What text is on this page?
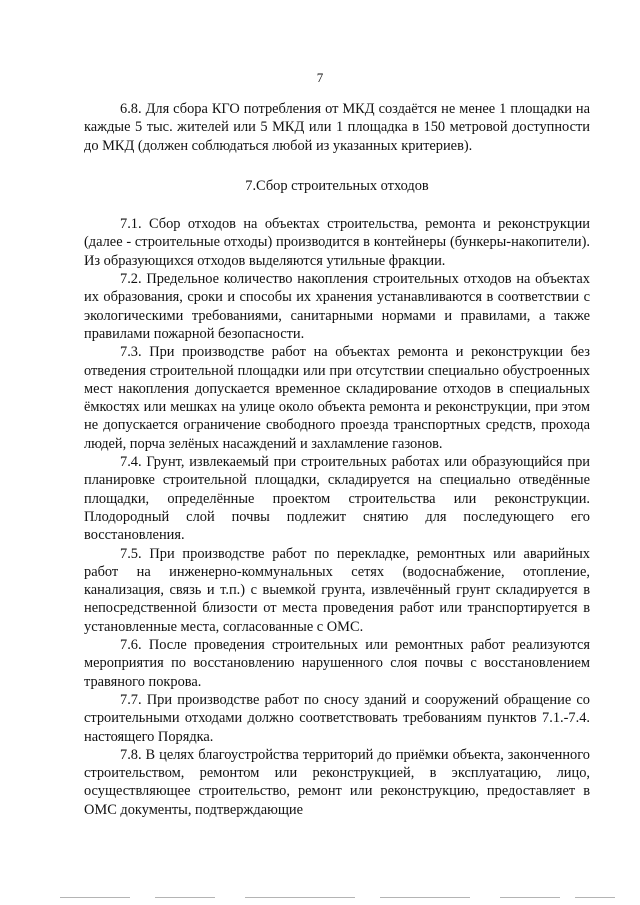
7

6.8. Для сбора КГО потребления от МКД создаётся не менее 1 площадки на каждые 5 тыс. жителей или 5 МКД или 1 площадка в 150 метровой доступности до МКД (должен соблюдаться любой из указанных критериев).

7.Сбор строительных отходов

7.1. Сбор отходов на объектах строительства, ремонта и реконструкции (далее - строительные отходы) производится в контейнеры (бункеры-накопители). Из образующихся отходов выделяются утильные фракции.

7.2. Предельное количество накопления строительных отходов на объектах их образования, сроки и способы их хранения устанавливаются в соответствии с экологическими требованиями, санитарными нормами и правилами, а также правилами пожарной безопасности.

7.3. При производстве работ на объектах ремонта и реконструкции без отведения строительной площадки или при отсутствии специально обустроенных мест накопления допускается временное складирование отходов в специальных ёмкостях или мешках на улице около объекта ремонта и реконструкции, при этом не допускается ограничение свободного проезда транспортных средств, прохода людей, порча зелёных насаждений и захламление газонов.

7.4. Грунт, извлекаемый при строительных работах или образующийся при планировке строительной площадки, складируется на специально отведённые площадки, определённые проектом строительства или реконструкции. Плодородный слой почвы подлежит снятию для последующего его восстановления.

7.5. При производстве работ по перекладке, ремонтных или аварийных работ на инженерно-коммунальных сетях (водоснабжение, отопление, канализация, связь и т.п.) с выемкой грунта, извлечённый грунт складируется в непосредственной близости от места проведения работ или транспортируется в установленные места, согласованные с ОМС.

7.6. После проведения строительных или ремонтных работ реализуются мероприятия по восстановлению нарушенного слоя почвы с восстановлением травяного покрова.

7.7. При производстве работ по сносу зданий и сооружений обращение со строительными отходами должно соответствовать требованиям пунктов 7.1.-7.4. настоящего Порядка.

7.8. В целях благоустройства территорий до приёмки объекта, законченного строительством, ремонтом или реконструкцией, в эксплуатацию, лицо, осуществляющее строительство, ремонт или реконструкцию, предоставляет в ОМС документы, подтверждающие
